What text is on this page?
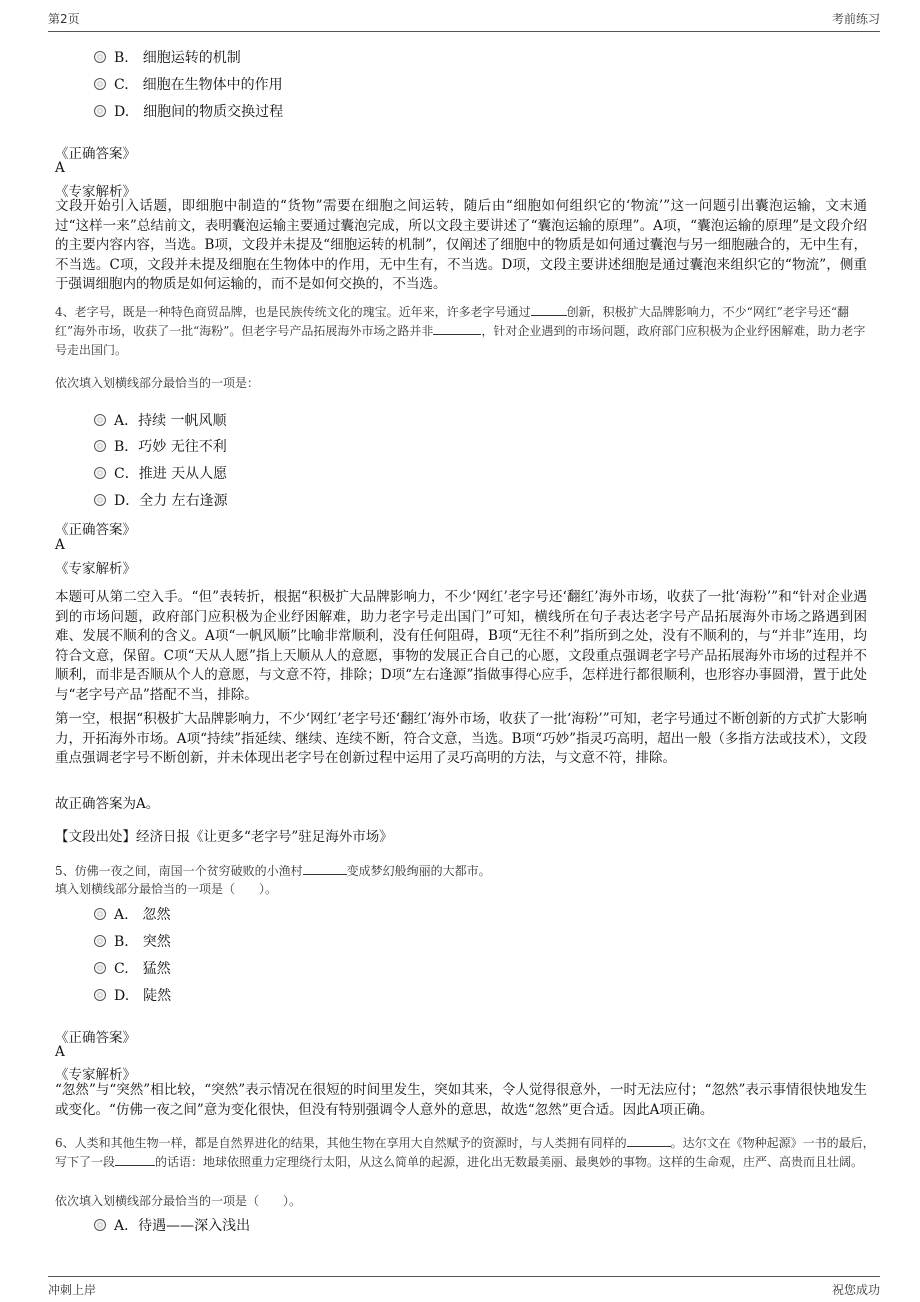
第2页	考前练习
B.　细胞运转的机制
C.　细胞在生物体中的作用
D.　细胞间的物质交换过程
《正确答案》
A
《专家解析》
文段开始引入话题，即细胞中制造的“货物”需要在细胞之间运转，随后由“细胞如何组织它的‘物流’”这一问题引出囊泡运输，文末通过“这样一来”总结前文，表明囊泡运输主要通过囊泡完成，所以文段主要讲述了“囊泡运输的原理”。A项，“囊泡运输的原理”是文段介绍的主要内容内容，当选。B项，文段并未提及“细胞运转的机制”，仅阐述了细胞中的物质是如何通过囊泡与另一细胞融合的，无中生有，不当选。C项，文段并未提及细胞在生物体中的作用，无中生有，不当选。D项，文段主要讲述细胞是通过囊泡来组织它的“物流”，侧重于强调细胞内的物质是如何运输的，而不是如何交换的，不当选。
4、老字号，既是一种特色商贸品牌，也是民族传统文化的瑰宝。近年来，许多老字号通过	创新，积极扩大品牌影响力，不少“网红”老字号还“翻红”海外市场，收获了一批“海粉”。但老字号产品拓展海外市场之路并非	，针对企业遇到的市场问题，政府部门应积极为企业纾困解难，助力老字号走出国门。
依次填入划横线部分最恰当的一项是：
A．持续 一帆风顺
B．巧妙 无往不利
C．推进 天从人愿
D．全力 左右逢源
《正确答案》
A
《专家解析》
本题可从第二空入手。“但”表转折，根据“积极扩大品牌影响力，不少‘网红’老字号还‘翻红’海外市场，收获了一批‘海粉’”和“针对企业遇到的市场问题，政府部门应积极为企业纾困解难，助力老字号走出国门”可知，横线所在句子表达老字号产品拓展海外市场之路遇到困难、发展不顺利的含义。A项“一帆风顺”比喻非常顺利，没有任何阻碍，B项“无往不利”指所到之处，没有不顺利的，与“并非”连用，均符合文意，保留。C项“天从人愿”指上天顺从人的意愿，事物的发展正合自己的心愿，文段重点强调老字号产品拓展海外市场的过程并不顺利，而非是否顺从个人的意愿，与文意不符，排除；D项“左右逢源”指做事得心应手，怎样进行都很顺利，也形容办事圆滑，置于此处与“老字号产品”搭配不当，排除。
第一空，根据“积极扩大品牌影响力，不少‘网红’老字号还‘翻红’海外市场，收获了一批‘海粉’”可知，老字号通过不断创新的方式扩大影响力，开拓海外市场。A项“持续”指延续、继续、连续不断，符合文意，当选。B项“巧妙”指灵巧高明，超出一般（多指方法或技术），文段重点强调老字号不断创新，并未体现出老字号在创新过程中运用了灵巧高明的方法，与文意不符，排除。
故正确答案为A。
【文段出处】经济日报《让更多“老字号”驻足海外市场》
5、仿佛一夜之间，南国一个贫穷破败的小渔村	变成梦幻般绚丽的大都市。
填入划横线部分最恰当的一项是（　　）。
A.　忽然
B.　突然
C.　猛然
D.　陡然
《正确答案》
A
《专家解析》
“忽然”与“突然”相比较，“突然”表示情况在很短的时间里发生，突如其来，令人觉得很意外，一时无法应付；“忽然”表示事情很快地发生或变化。“仿佛一夜之间”意为变化很快，但没有特别强调令人意外的意思，故选“忽然”更合适。因此A项正确。
6、人类和其他生物一样，都是自然界进化的结果，其他生物在享用大自然赋予的资源时，与人类拥有同样的	。达尔文在《物种起源》一书的最后，写下了一段	的话语：地球依照重力定理绕行太阳，从这么简单的起源，进化出无数最美丽、最奥妙的事物。这样的生命观，庄严、高贵而且壮阔。
依次填入划横线部分最恰当的一项是（　　）。
A．待遇——深入浅出
冲刺上岸	祝您成功
